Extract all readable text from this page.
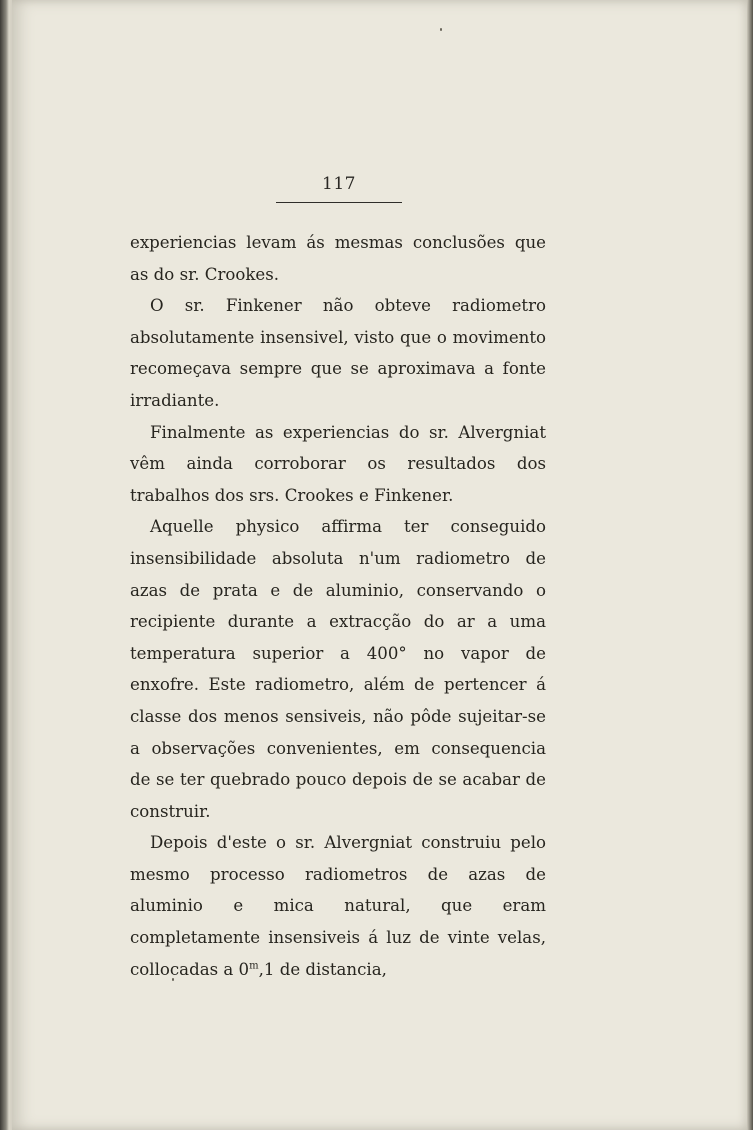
117

experiencias levam ás mesmas conclusões que as do sr. Crookes.

O sr. Finkener não obteve radiometro absolutamente insensivel, visto que o movimento recomeçava sempre que se aproximava a fonte irradiante.

Finalmente as experiencias do sr. Alvergniat vêm ainda corroborar os resultados dos trabalhos dos srs. Crookes e Finkener.

Aquelle physico affirma ter conseguido insensibilidade absoluta n'um radiometro de azas de prata e de aluminio, conservando o recipiente durante a extracção do ar a uma temperatura superior a 400° no vapor de enxofre. Este radiometro, além de pertencer á classe dos menos sensiveis, não pôde sujeitar-se a observações convenientes, em consequencia de se ter quebrado pouco depois de se acabar de construir.

Depois d'este o sr. Alvergniat construiu pelo mesmo processo radiometros de azas de aluminio e mica natural, que eram completamente insensiveis á luz de vinte velas, collocadas a 0$^m$,1 de distancia,
